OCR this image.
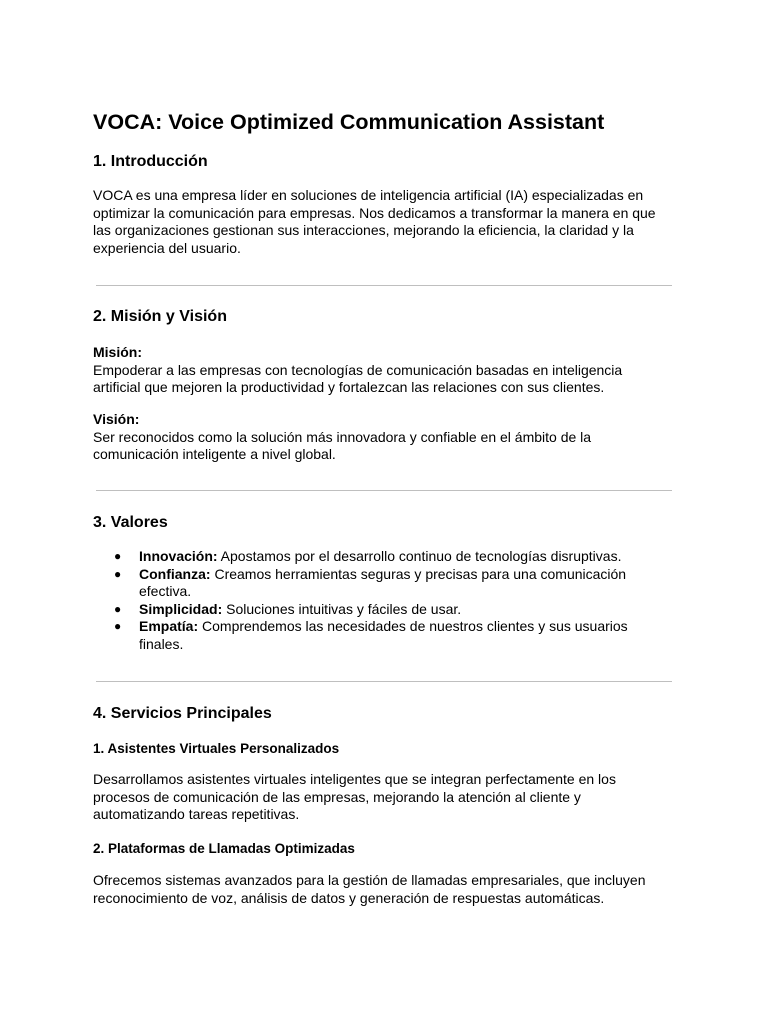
VOCA: Voice Optimized Communication Assistant
1. Introducción

VOCA es una empresa líder en soluciones de inteligencia artificial (IA) especializadas en optimizar la comunicación para empresas. Nos dedicamos a transformar la manera en que las organizaciones gestionan sus interacciones, mejorando la eficiencia, la claridad y la experiencia del usuario.

2. Misión y Visión
Misión:
Empoderar a las empresas con tecnologías de comunicación basadas en inteligencia artificial que mejoren la productividad y fortalezcan las relaciones con sus clientes.
Visión:
Ser reconocidos como la solución más innovadora y confiable en el ámbito de la comunicación inteligente a nivel global.
3. Valores
● Innovación: Apostamos por el desarrollo continuo de tecnologías disruptivas.
● Confianza: Creamos herramientas seguras y precisas para una comunicación efectiva.
● Simplicidad: Soluciones intuitivas y fáciles de usar.
● Empatía: Comprendemos las necesidades de nuestros clientes y sus usuarios finales.
4. Servicios Principales
1. Asistentes Virtuales Personalizados

Desarrollamos asistentes virtuales inteligentes que se integran perfectamente en los procesos de comunicación de las empresas, mejorando la atención al cliente y automatizando tareas repetitivas.

2. Plataformas de Llamadas Optimizadas

Ofrecemos sistemas avanzados para la gestión de llamadas empresariales, que incluyen reconocimiento de voz, análisis de datos y generación de respuestas automáticas.
